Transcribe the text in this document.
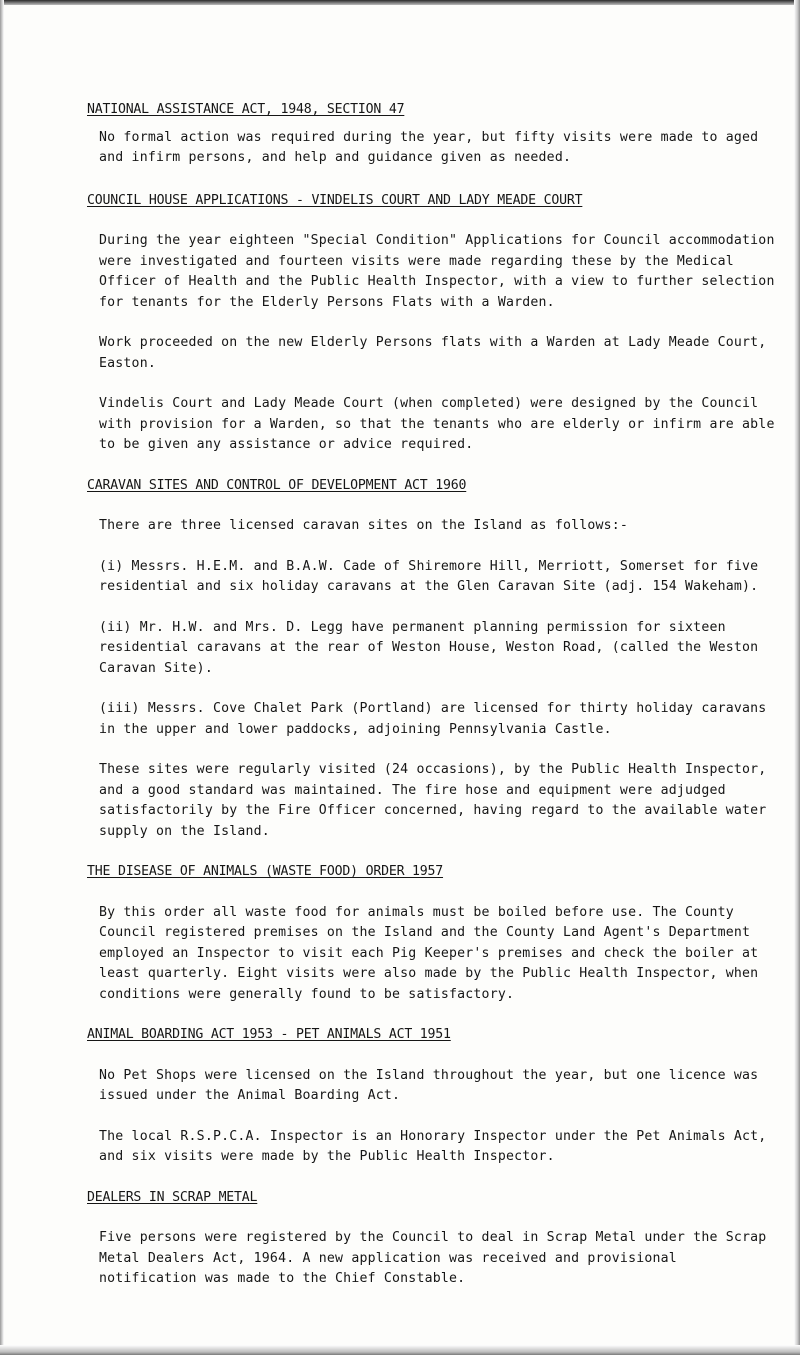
NATIONAL ASSISTANCE ACT, 1948, SECTION 47

No formal action was required during the year, but fifty visits were made to aged and infirm persons, and help and guidance given as needed.

COUNCIL HOUSE APPLICATIONS - VINDELIS COURT AND LADY MEADE COURT

During the year eighteen "Special Condition" Applications for Council accommodation were investigated and fourteen visits were made regarding these by the Medical Officer of Health and the Public Health Inspector, with a view to further selection for tenants for the Elderly Persons Flats with a Warden.

Work proceeded on the new Elderly Persons flats with a Warden at Lady Meade Court, Easton.

Vindelis Court and Lady Meade Court (when completed) were designed by the Council with provision for a Warden, so that the tenants who are elderly or infirm are able to be given any assistance or advice required.

CARAVAN SITES AND CONTROL OF DEVELOPMENT ACT 1960

There are three licensed caravan sites on the Island as follows:-

(i) Messrs. H.E.M. and B.A.W. Cade of Shiremore Hill, Merriott, Somerset for five residential and six holiday caravans at the Glen Caravan Site (adj. 154 Wakeham).

(ii) Mr. H.W. and Mrs. D. Legg have permanent planning permission for sixteen residential caravans at the rear of Weston House, Weston Road, (called the Weston Caravan Site).

(iii) Messrs. Cove Chalet Park (Portland) are licensed for thirty holiday caravans in the upper and lower paddocks, adjoining Pennsylvania Castle.

These sites were regularly visited (24 occasions), by the Public Health Inspector, and a good standard was maintained. The fire hose and equipment were adjudged satisfactorily by the Fire Officer concerned, having regard to the available water supply on the Island.

THE DISEASE OF ANIMALS (WASTE FOOD) ORDER 1957

By this order all waste food for animals must be boiled before use. The County Council registered premises on the Island and the County Land Agent's Department employed an Inspector to visit each Pig Keeper's premises and check the boiler at least quarterly. Eight visits were also made by the Public Health Inspector, when conditions were generally found to be satisfactory.

ANIMAL BOARDING ACT 1953 - PET ANIMALS ACT 1951

No Pet Shops were licensed on the Island throughout the year, but one licence was issued under the Animal Boarding Act.

The local R.S.P.C.A. Inspector is an Honorary Inspector under the Pet Animals Act, and six visits were made by the Public Health Inspector.

DEALERS IN SCRAP METAL

Five persons were registered by the Council to deal in Scrap Metal under the Scrap Metal Dealers Act, 1964. A new application was received and provisional notification was made to the Chief Constable.
